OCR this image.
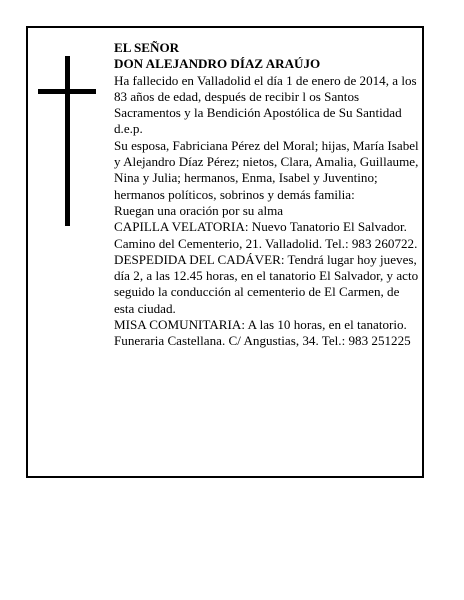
EL SEÑOR

DON ALEJANDRO DÍAZ ARAÚJO

Ha fallecido en Valladolid el día 1 de enero de 2014, a los 83 años de edad, después de recibir l os Santos Sacramentos y la Bendición Apostólica de Su Santidad d.e.p.

Su esposa, Fabriciana Pérez del Moral; hijas, María Isabel y Alejandro Díaz Pérez; nietos, Clara, Amalia, Guillaume, Nina y Julia; hermanos, Enma, Isabel y Juventino; hermanos políticos, sobrinos y demás familia:

Ruegan una oración por su alma

CAPILLA VELATORIA: Nuevo Tanatorio El Salvador. Camino del Cementerio, 21. Valladolid. Tel.: 983 260722.

DESPEDIDA DEL CADÁVER: Tendrá lugar hoy jueves, día 2, a las 12.45 horas, en el tanatorio El Salvador, y acto seguido la conducción al cementerio de El Carmen, de esta ciudad.

MISA COMUNITARIA: A las 10 horas, en el tanatorio.

Funeraria Castellana. C/ Angustias, 34. Tel.: 983 251225
